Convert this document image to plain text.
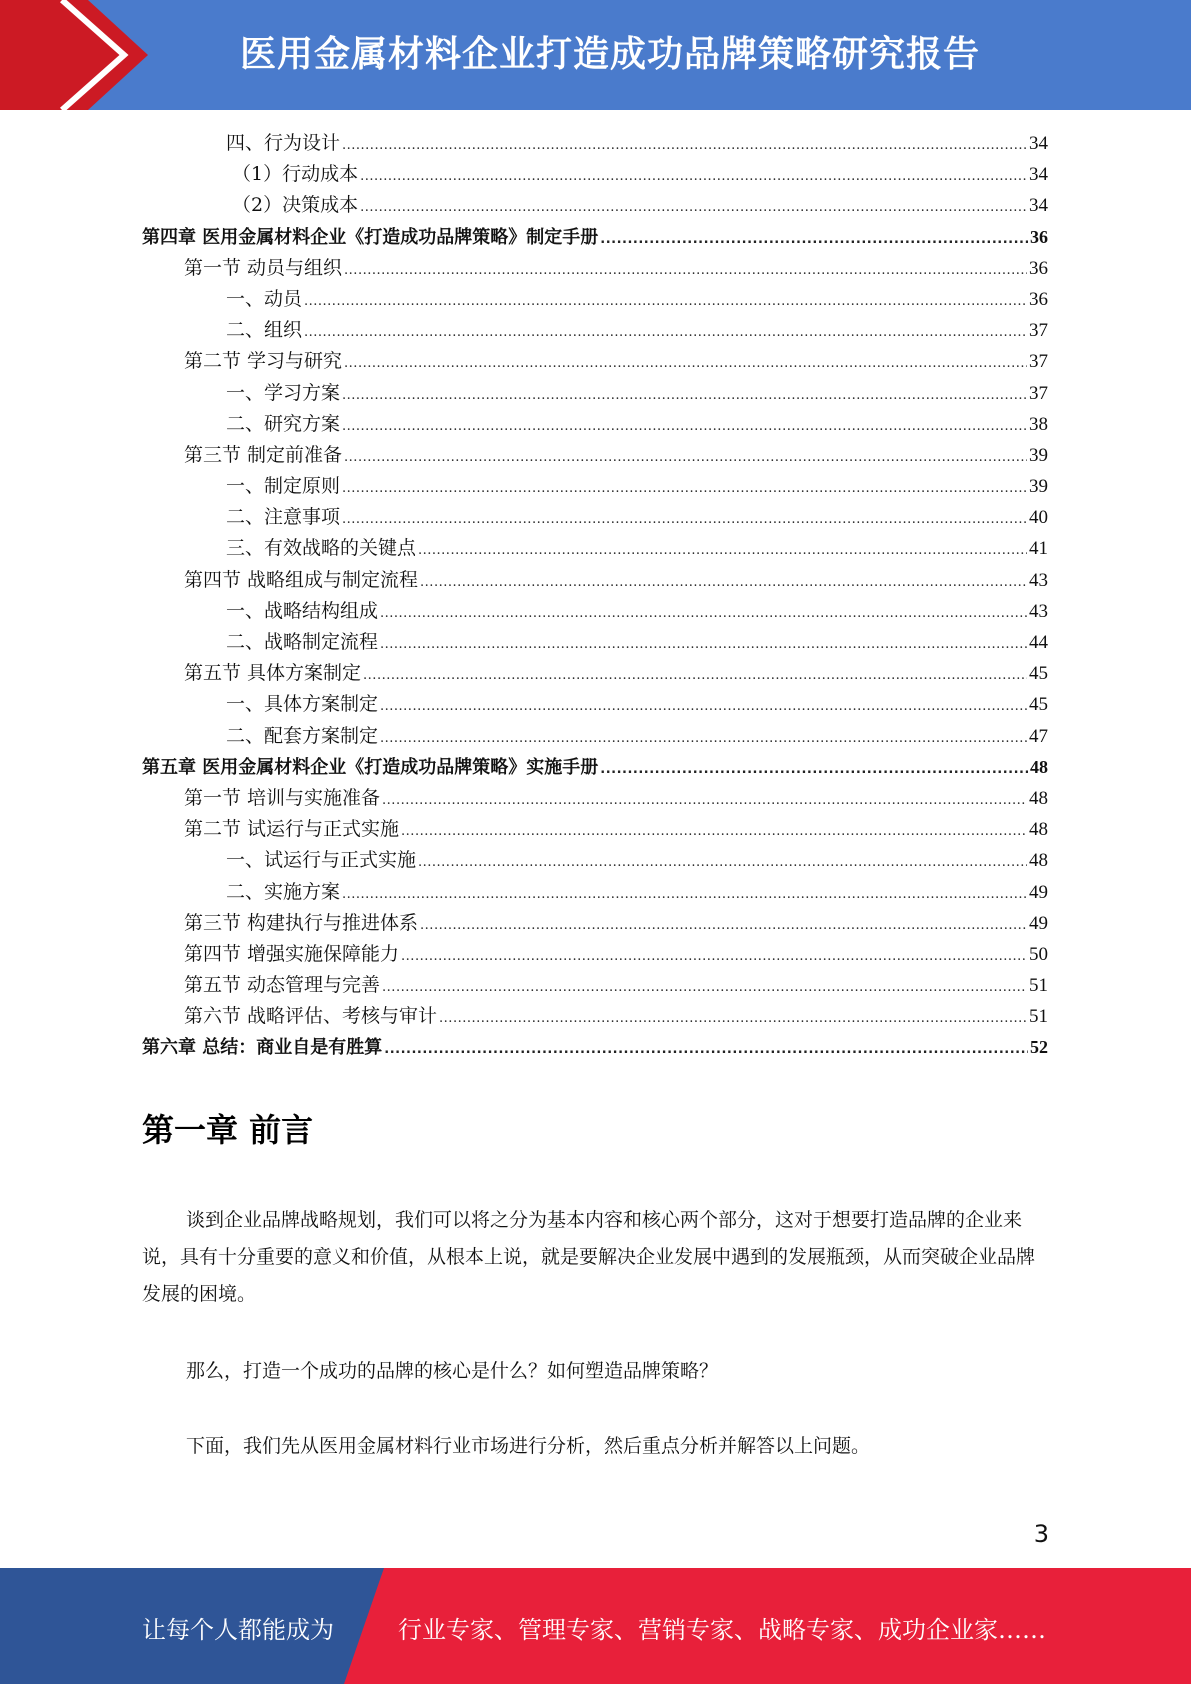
医用金属材料企业打造成功品牌策略研究报告
四、行为设计 .....	34
（1）行动成本 .....	34
（2）决策成本 .....	34
第四章 医用金属材料企业《打造成功品牌策略》制定手册 .....	36
第一节 动员与组织 .....	36
一、动员 .....	36
二、组织 .....	37
第二节 学习与研究 .....	37
一、学习方案 .....	37
二、研究方案 .....	38
第三节 制定前准备 .....	39
一、制定原则 .....	39
二、注意事项 .....	40
三、有效战略的关键点 .....	41
第四节 战略组成与制定流程 .....	43
一、战略结构组成 .....	43
二、战略制定流程 .....	44
第五节 具体方案制定 .....	45
一、具体方案制定 .....	45
二、配套方案制定 .....	47
第五章 医用金属材料企业《打造成功品牌策略》实施手册 .....	48
第一节 培训与实施准备 .....	48
第二节 试运行与正式实施 .....	48
一、试运行与正式实施 .....	48
二、实施方案 .....	49
第三节 构建执行与推进体系 .....	49
第四节 增强实施保障能力 .....	50
第五节 动态管理与完善 .....	51
第六节 战略评估、考核与审计 .....	51
第六章 总结：商业自是有胜算 .....	52
第一章 前言

谈到企业品牌战略规划，我们可以将之分为基本内容和核心两个部分，这对于想要打造品牌的企业来说，具有十分重要的意义和价值，从根本上说，就是要解决企业发展中遇到的发展瓶颈，从而突破企业品牌发展的困境。

那么，打造一个成功的品牌的核心是什么？如何塑造品牌策略？

下面，我们先从医用金属材料行业市场进行分析，然后重点分析并解答以上问题。

3
让每个人都能成为	行业专家、管理专家、营销专家、战略专家、成功企业家……
